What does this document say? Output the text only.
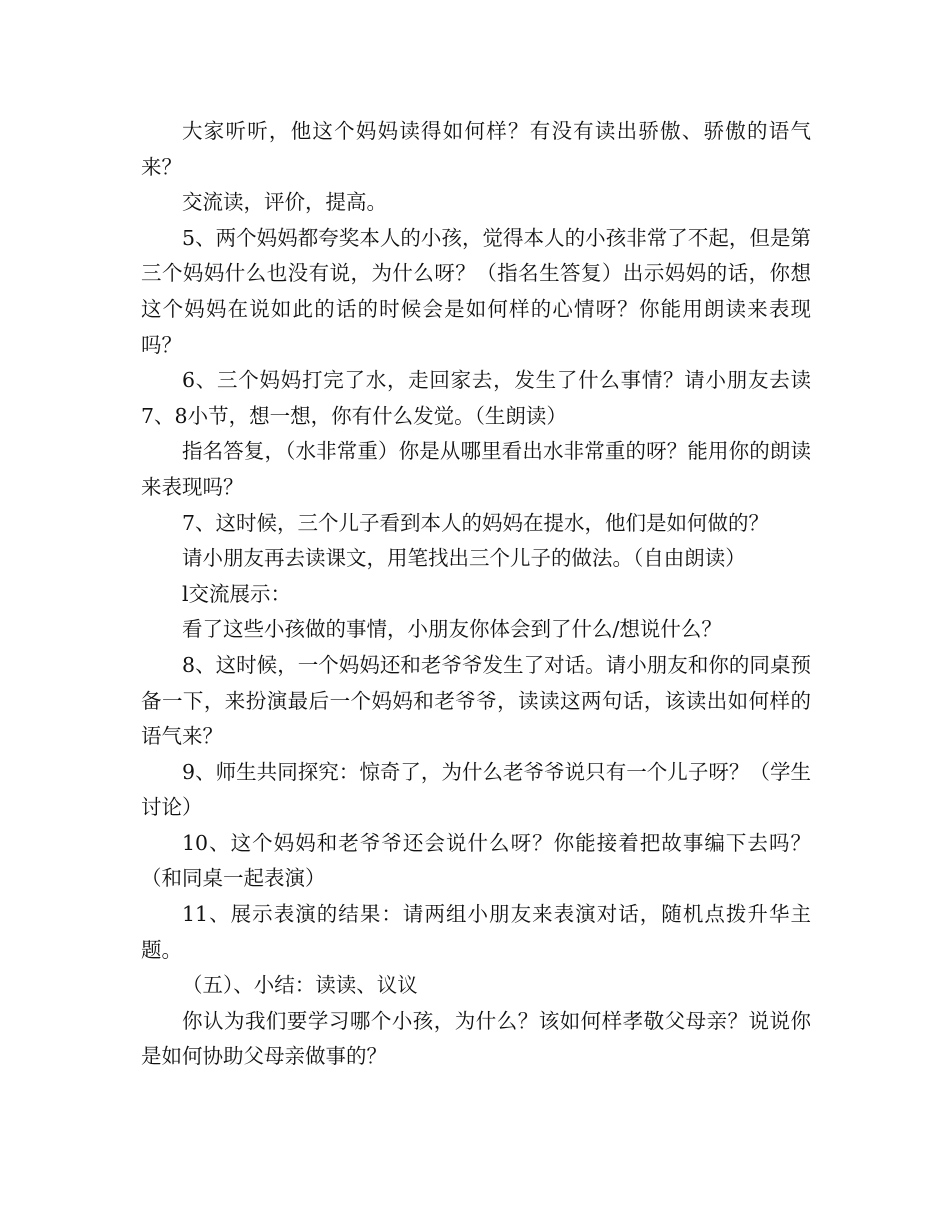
大家听听，他这个妈妈读得如何样？有没有读出骄傲、骄傲的语气来？

交流读，评价，提高。

5、两个妈妈都夸奖本人的小孩，觉得本人的小孩非常了不起，但是第三个妈妈什么也没有说，为什么呀？（指名生答复）出示妈妈的话，你想这个妈妈在说如此的话的时候会是如何样的心情呀？你能用朗读来表现吗？

6、三个妈妈打完了水，走回家去，发生了什么事情？请小朋友去读7、8小节，想一想，你有什么发觉。（生朗读）

指名答复，（水非常重）你是从哪里看出水非常重的呀？能用你的朗读来表现吗？

7、这时候，三个儿子看到本人的妈妈在提水，他们是如何做的？

请小朋友再去读课文，用笔找出三个儿子的做法。（自由朗读）

l交流展示：

看了这些小孩做的事情，小朋友你体会到了什么/想说什么？

8、这时候，一个妈妈还和老爷爷发生了对话。请小朋友和你的同桌预备一下，来扮演最后一个妈妈和老爷爷，读读这两句话，该读出如何样的语气来？

9、师生共同探究：惊奇了，为什么老爷爷说只有一个儿子呀？（学生讨论）

10、这个妈妈和老爷爷还会说什么呀？你能接着把故事编下去吗？（和同桌一起表演）

11、展示表演的结果：请两组小朋友来表演对话，随机点拨升华主题。

（五）、小结：读读、议议

你认为我们要学习哪个小孩，为什么？该如何样孝敬父母亲？说说你是如何协助父母亲做事的？
